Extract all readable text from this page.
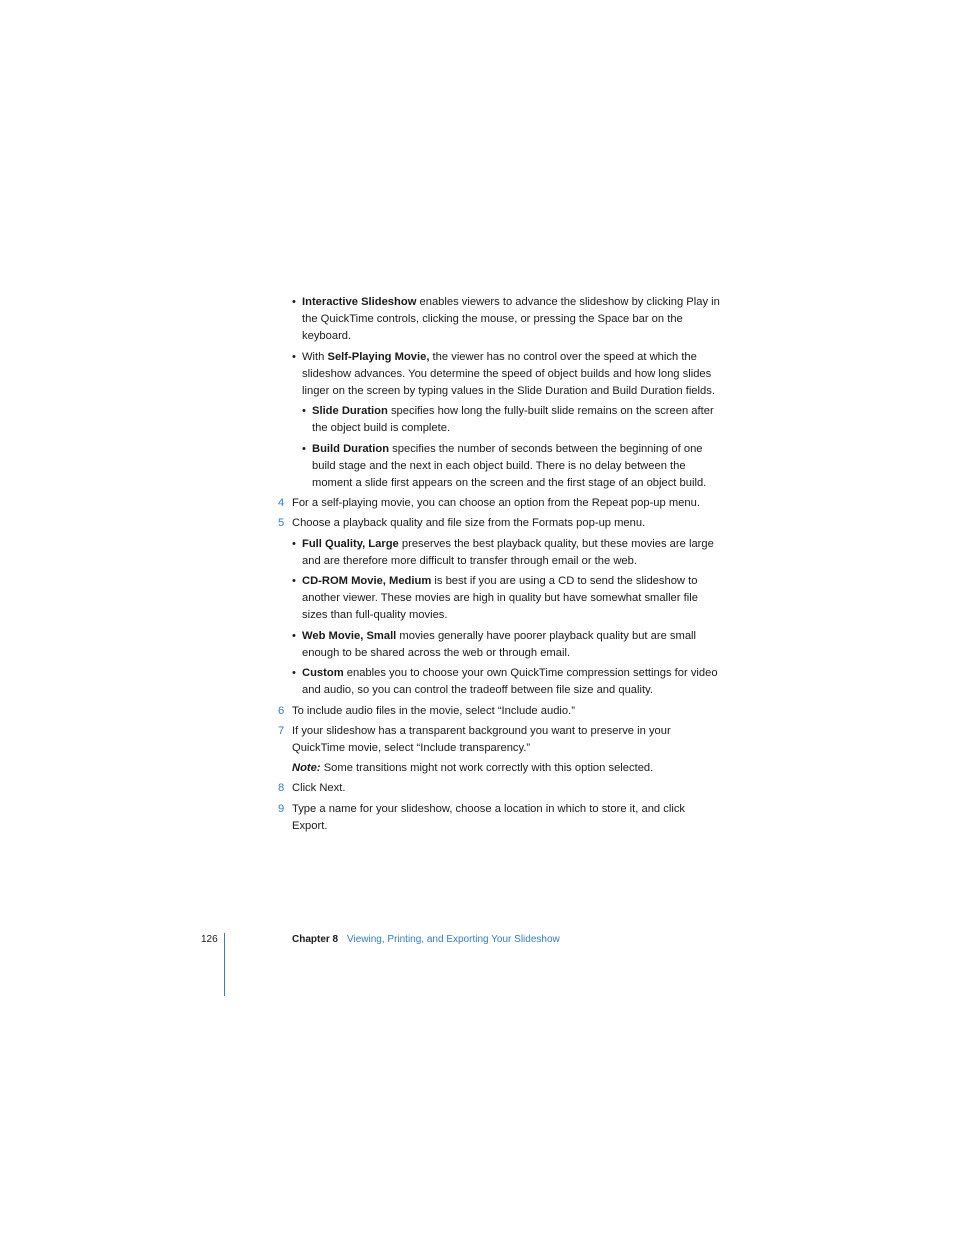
• Interactive Slideshow enables viewers to advance the slideshow by clicking Play in
the QuickTime controls, clicking the mouse, or pressing the Space bar on the
keyboard.
• With Self-Playing Movie, the viewer has no control over the speed at which the
slideshow advances. You determine the speed of object builds and how long slides
linger on the screen by typing values in the Slide Duration and Build Duration fields.
• Slide Duration specifies how long the fully-built slide remains on the screen after
the object build is complete.
• Build Duration specifies the number of seconds between the beginning of one
build stage and the next in each object build. There is no delay between the
moment a slide first appears on the screen and the first stage of an object build.
4 For a self-playing movie, you can choose an option from the Repeat pop-up menu.
5 Choose a playback quality and file size from the Formats pop-up menu.
• Full Quality, Large preserves the best playback quality, but these movies are large
and are therefore more difficult to transfer through email or the web.
• CD-ROM Movie, Medium is best if you are using a CD to send the slideshow to
another viewer. These movies are high in quality but have somewhat smaller file
sizes than full-quality movies.
• Web Movie, Small movies generally have poorer playback quality but are small
enough to be shared across the web or through email.
• Custom enables you to choose your own QuickTime compression settings for video
and audio, so you can control the tradeoff between file size and quality.
6 To include audio files in the movie, select “Include audio.”
7 If your slideshow has a transparent background you want to preserve in your
QuickTime movie, select “Include transparency.”
Note: Some transitions might not work correctly with this option selected.
8 Click Next.
9 Type a name for your slideshow, choose a location in which to store it, and click
Export.
126	Chapter 8 Viewing, Printing, and Exporting Your Slideshow
